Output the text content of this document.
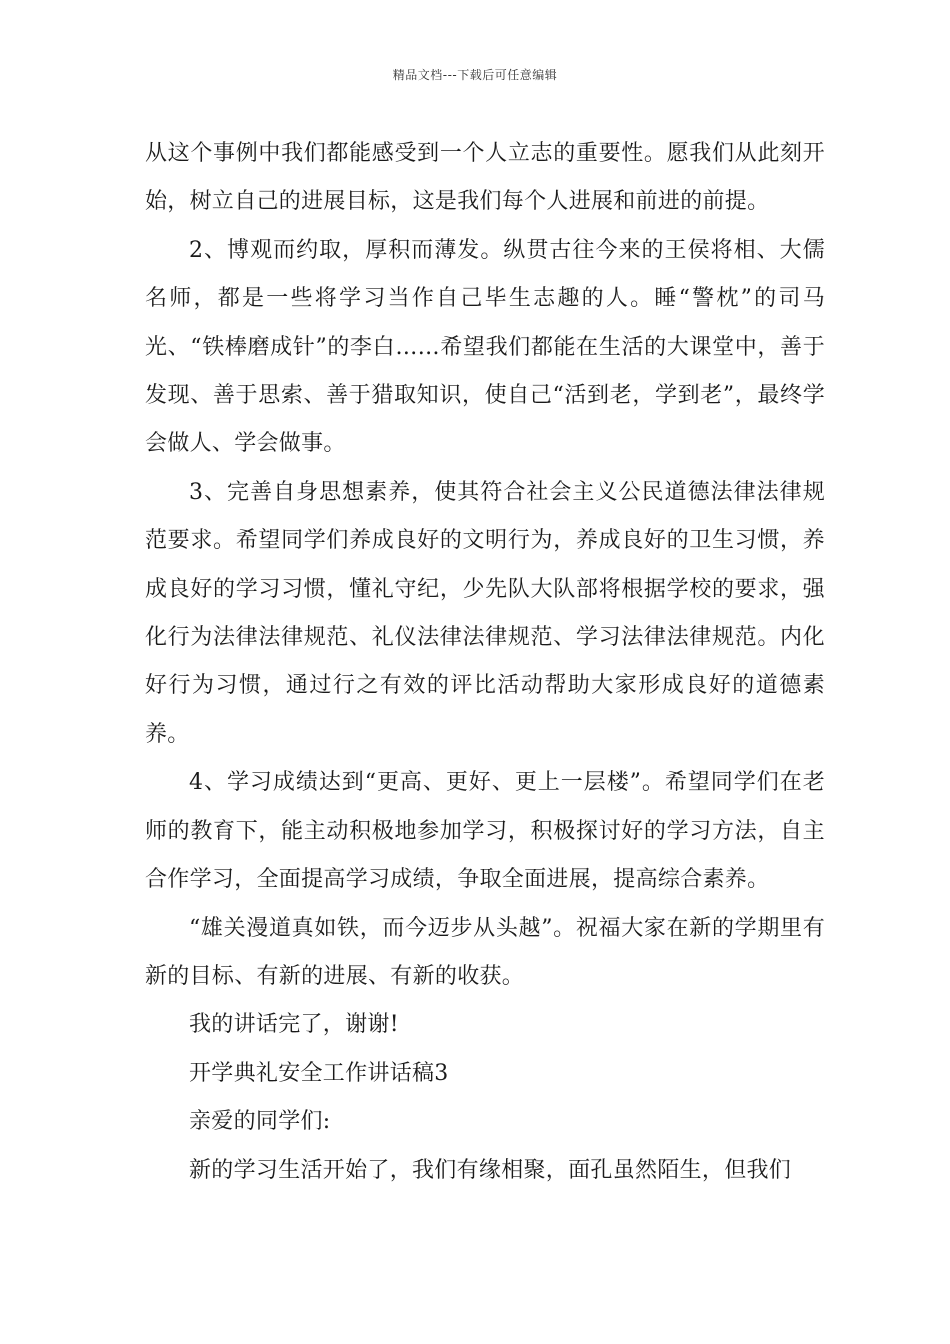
精品文档---下载后可任意编辑

从这个事例中我们都能感受到一个人立志的重要性。愿我们从此刻开始，树立自己的进展目标，这是我们每个人进展和前进的前提。

2、博观而约取，厚积而薄发。纵贯古往今来的王侯将相、大儒名师，都是一些将学习当作自己毕生志趣的人。睡“警枕”的司马光、“铁棒磨成针”的李白……希望我们都能在生活的大课堂中，善于发现、善于思索、善于猎取知识，使自己“活到老，学到老”，最终学会做人、学会做事。

3、完善自身思想素养，使其符合社会主义公民道德法律法律规范要求。希望同学们养成良好的文明行为，养成良好的卫生习惯，养成良好的学习习惯，懂礼守纪，少先队大队部将根据学校的要求，强化行为法律法律规范、礼仪法律法律规范、学习法律法律规范。内化好行为习惯，通过行之有效的评比活动帮助大家形成良好的道德素养。

4、学习成绩达到“更高、更好、更上一层楼”。希望同学们在老师的教育下，能主动积极地参加学习，积极探讨好的学习方法，自主合作学习，全面提高学习成绩，争取全面进展，提高综合素养。

“雄关漫道真如铁，而今迈步从头越”。祝福大家在新的学期里有新的目标、有新的进展、有新的收获。

我的讲话完了，谢谢!

开学典礼安全工作讲话稿3

亲爱的同学们:

新的学习生活开始了，我们有缘相聚，面孔虽然陌生，但我们
